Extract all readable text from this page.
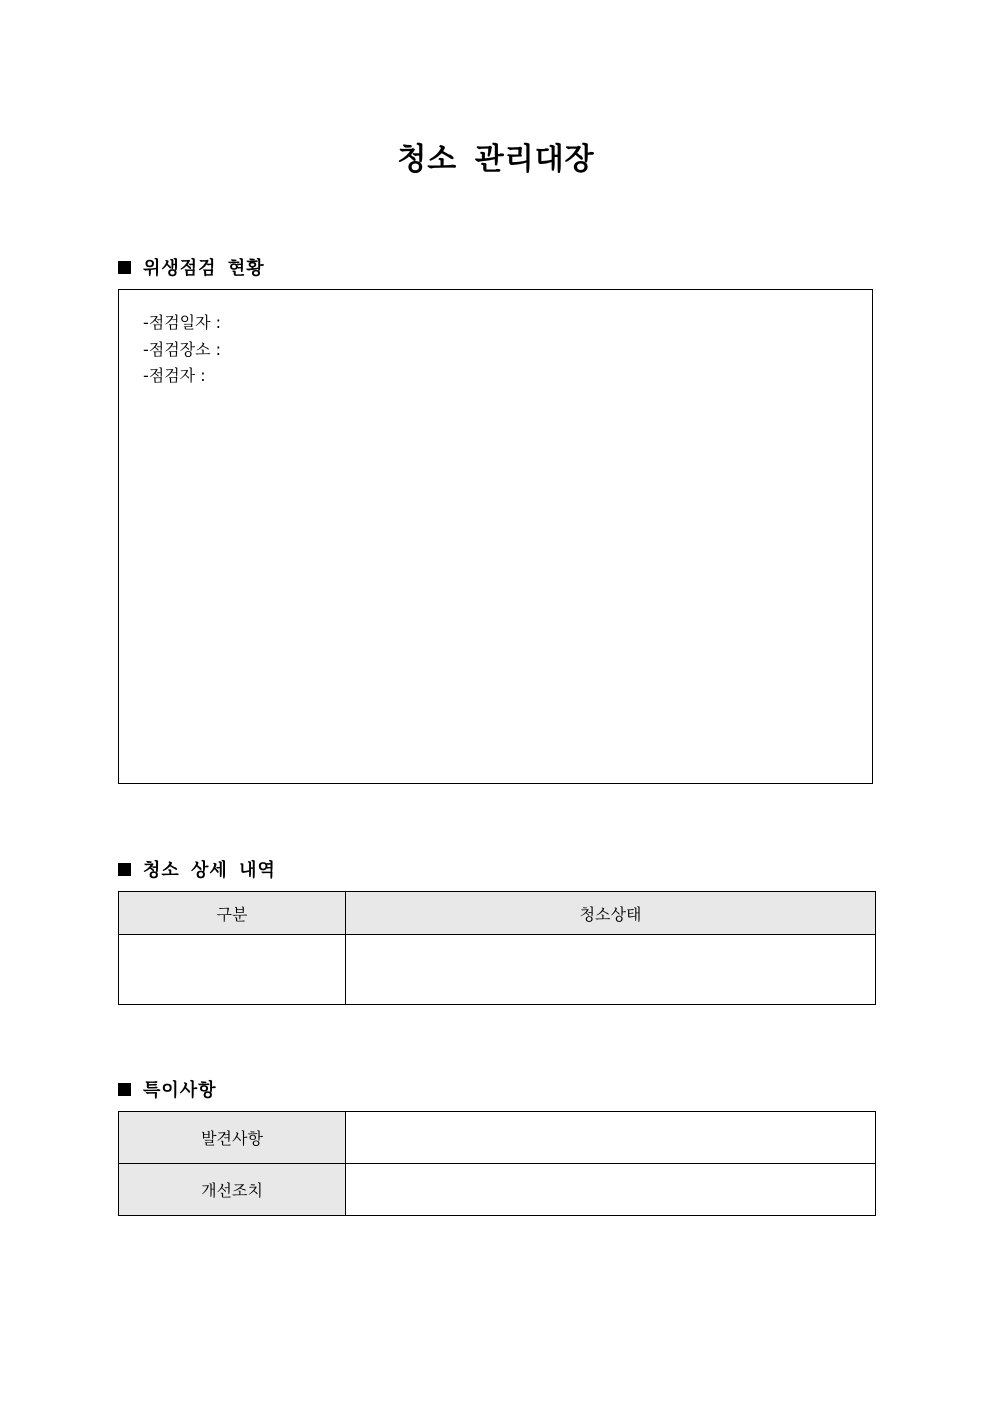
청소 관리대장
위생점검 현황
-점검일자 :
-점검장소 :
-점검자 :
청소 상세 내역
구분	청소상태

특이사항
발견사항	
개선조치	
